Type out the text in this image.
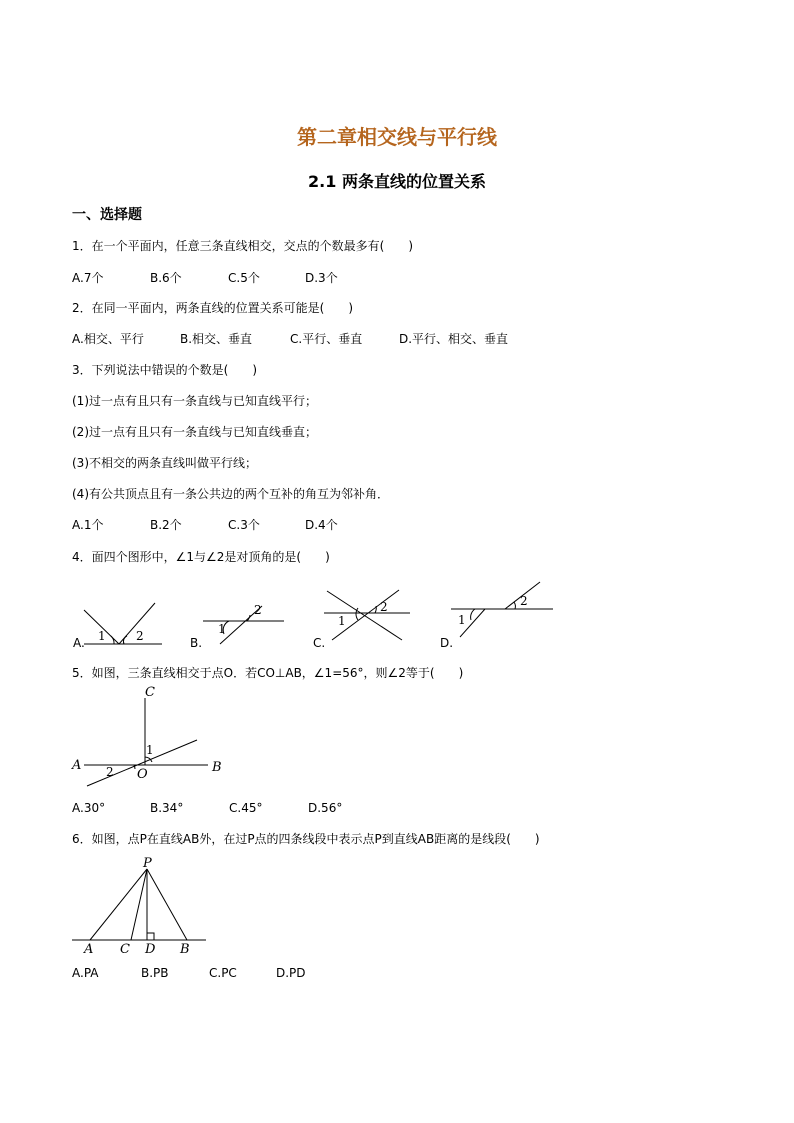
第二章相交线与平行线
2.1 两条直线的位置关系
一、选择题
1．在一个平面内，任意三条直线相交，交点的个数最多有(　　)
A.7个	B.6个	C.5个	D.3个
2．在同一平面内，两条直线的位置关系可能是(　　)
A.相交、平行	B.相交、垂直	C.平行、垂直	D.平行、相交、垂直
3．下列说法中错误的个数是(　　)
(1)过一点有且只有一条直线与已知直线平行；
(2)过一点有且只有一条直线与已知直线垂直；
(3)不相交的两条直线叫做平行线；
(4)有公共顶点且有一条公共边的两个互补的角互为邻补角．
A.1个	B.2个	C.3个	D.4个
4．面四个图形中，∠1与∠2是对顶角的是(　　)
1	2	1
2
1
2
1
2
A.	B.	C.	D.
5．如图，三条直线相交于点O．若CO⊥AB，∠1=56°，则∠2等于(　　)
C
A
O	B
1
2
A.30°	B.34°	C.45°	D.56°
6．如图，点P在直线AB外，在过P点的四条线段中表示点P到直线AB距离的是线段(　　)
P
A C D B
A.PA	B.PB	C.PC	D.PD
